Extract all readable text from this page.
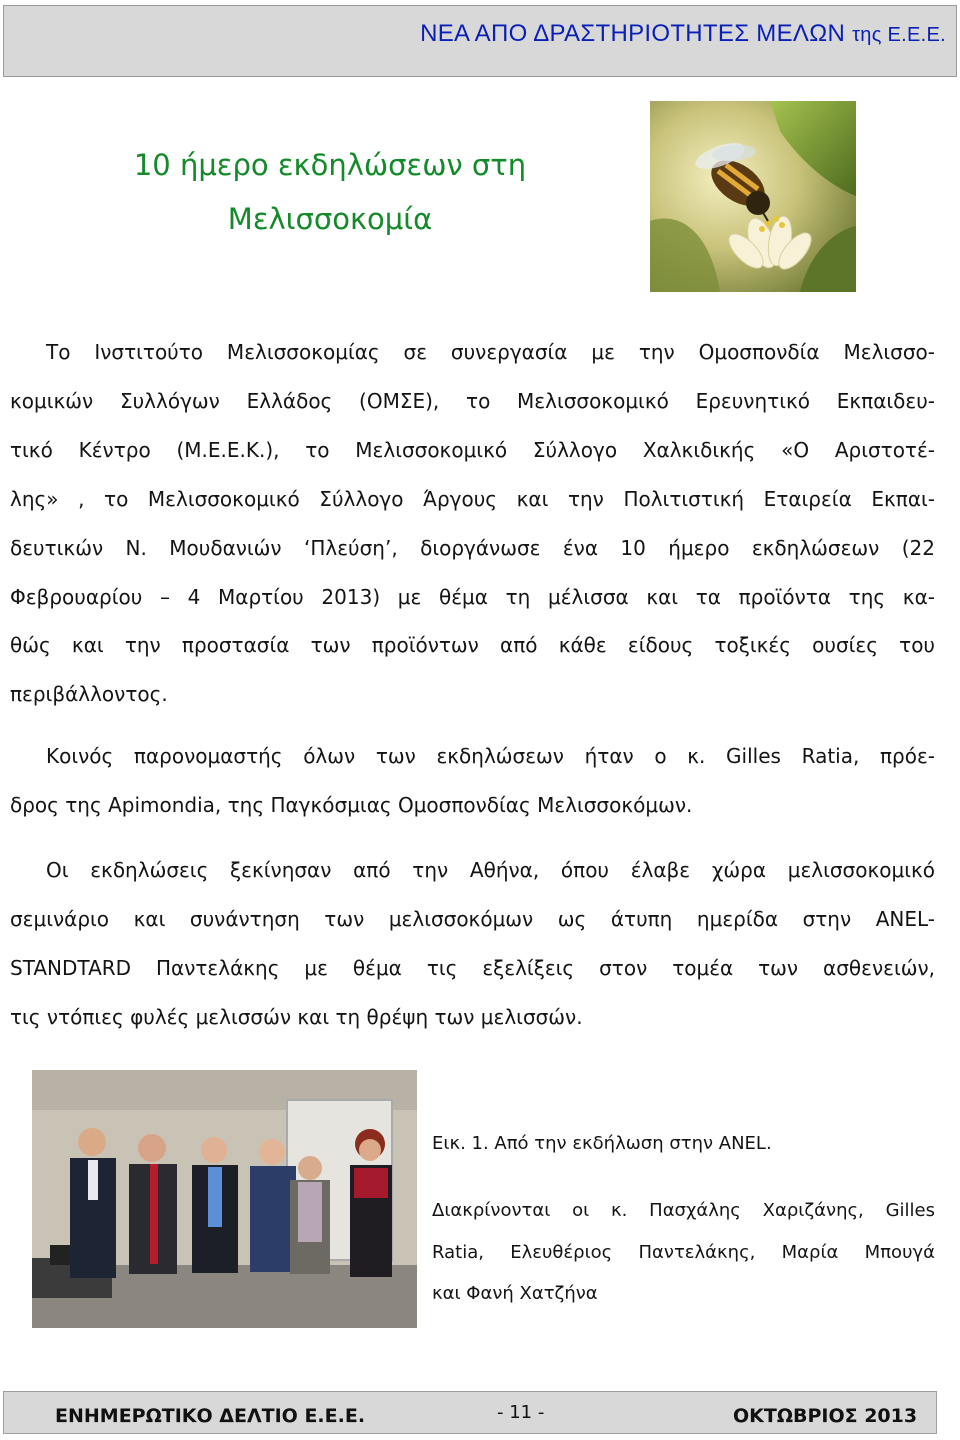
ΝΕΑ ΑΠΟ ΔΡΑΣΤΗΡΙΟΤΗΤΕΣ ΜΕΛΩΝ της Ε.Ε.Ε.
10 ήμερο εκδηλώσεων στη
Μελισσοκομία
Το Ινστιτούτο Μελισσοκομίας σε συνεργασία με την Ομοσπονδία Μελισσο-
κομικών Συλλόγων Ελλάδος (ΟΜΣΕ), το Μελισσοκομικό Ερευνητικό Εκπαιδευ-
τικό Κέντρο (Μ.Ε.Ε.Κ.), το Μελισσοκομικό Σύλλογο Χαλκιδικής «Ο Αριστοτέ-
λης» , το Μελισσοκομικό Σύλλογο Άργους και την Πολιτιστική Εταιρεία Εκπαι-
δευτικών Ν. Μουδανιών ‘Πλεύση’, διοργάνωσε ένα 10 ήμερο εκδηλώσεων (22
Φεβρουαρίου – 4 Μαρτίου 2013) με θέμα τη μέλισσα και τα προϊόντα της κα-
θώς και την προστασία των προϊόντων από κάθε είδους τοξικές ουσίες του
περιβάλλοντος.
Κοινός παρονομαστής όλων των εκδηλώσεων ήταν ο κ. Gilles Ratia, πρόε-
δρος της Apimondia, της Παγκόσμιας Ομοσπονδίας Μελισσοκόμων.
Οι εκδηλώσεις ξεκίνησαν από την Αθήνα, όπου έλαβε χώρα μελισσοκομικό
σεμινάριο και συνάντηση των μελισσοκόμων ως άτυπη ημερίδα στην ANEL-
STANDTARD Παντελάκης με θέμα τις εξελίξεις στον τομέα των ασθενειών,
τις ντόπιες φυλές μελισσών και τη θρέψη των μελισσών.
Εικ. 1. Από την εκδήλωση στην ANEL.
Διακρίνονται οι κ. Πασχάλης Χαριζάνης, Gilles
Ratia, Ελευθέριος Παντελάκης, Μαρία Μπουγά
και Φανή Χατζήνα
ΕΝΗΜΕΡΩΤΙΚΟ ΔΕΛΤΙΟ Ε.Ε.Ε.	- 11 -	ΟΚΤΩΒΡΙΟΣ 2013
